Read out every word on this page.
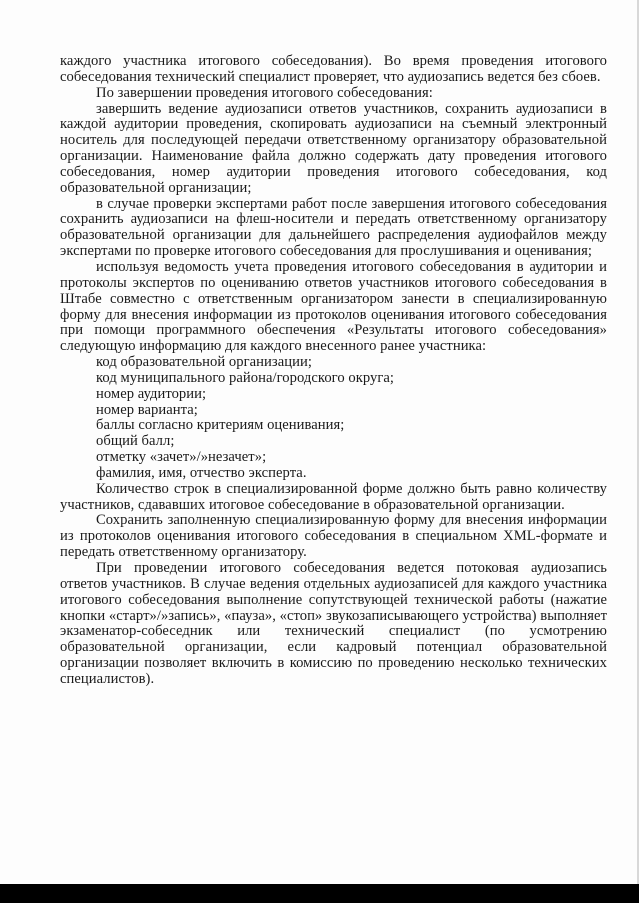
каждого участника итогового собеседования). Во время проведения итогового собеседования технический специалист проверяет, что аудиозапись ведется без сбоев.

По завершении проведения итогового собеседования:

завершить ведение аудиозаписи ответов участников, сохранить аудиозаписи в каждой аудитории проведения, скопировать аудиозаписи на съемный электронный носитель для последующей передачи ответственному организатору образовательной организации. Наименование файла должно содержать дату проведения итогового собеседования, номер аудитории проведения итогового собеседования, код образовательной организации;

в случае проверки экспертами работ после завершения итогового собеседования сохранить аудиозаписи на флеш-носители и передать ответственному организатору образовательной организации для дальнейшего распределения аудиофайлов между экспертами по проверке итогового собеседования для прослушивания и оценивания;

используя ведомость учета проведения итогового собеседования в аудитории и протоколы экспертов по оцениванию ответов участников итогового собеседования в Штабе совместно с ответственным организатором занести в специализированную форму для внесения информации из протоколов оценивания итогового собеседования при помощи программного обеспечения «Результаты итогового собеседования» следующую информацию для каждого внесенного ранее участника:

код образовательной организации;

код муниципального района/городского округа;

номер аудитории;

номер варианта;

баллы согласно критериям оценивания;

общий балл;

отметку «зачет»/»незачет»;

фамилия, имя, отчество эксперта.

Количество строк в специализированной форме должно быть равно количеству участников, сдававших итоговое собеседование в образовательной организации.

Сохранить заполненную специализированную форму для внесения информации из протоколов оценивания итогового собеседования в специальном XML-формате и передать ответственному организатору.

При проведении итогового собеседования ведется потоковая аудиозапись ответов участников. В случае ведения отдельных аудиозаписей для каждого участника итогового собеседования выполнение сопутствующей технической работы (нажатие кнопки «старт»/»запись», «пауза», «стоп» звукозаписывающего устройства) выполняет экзаменатор-собеседник или технический специалист (по усмотрению образовательной организации, если кадровый потенциал образовательной организации позволяет включить в комиссию по проведению несколько технических специалистов).
